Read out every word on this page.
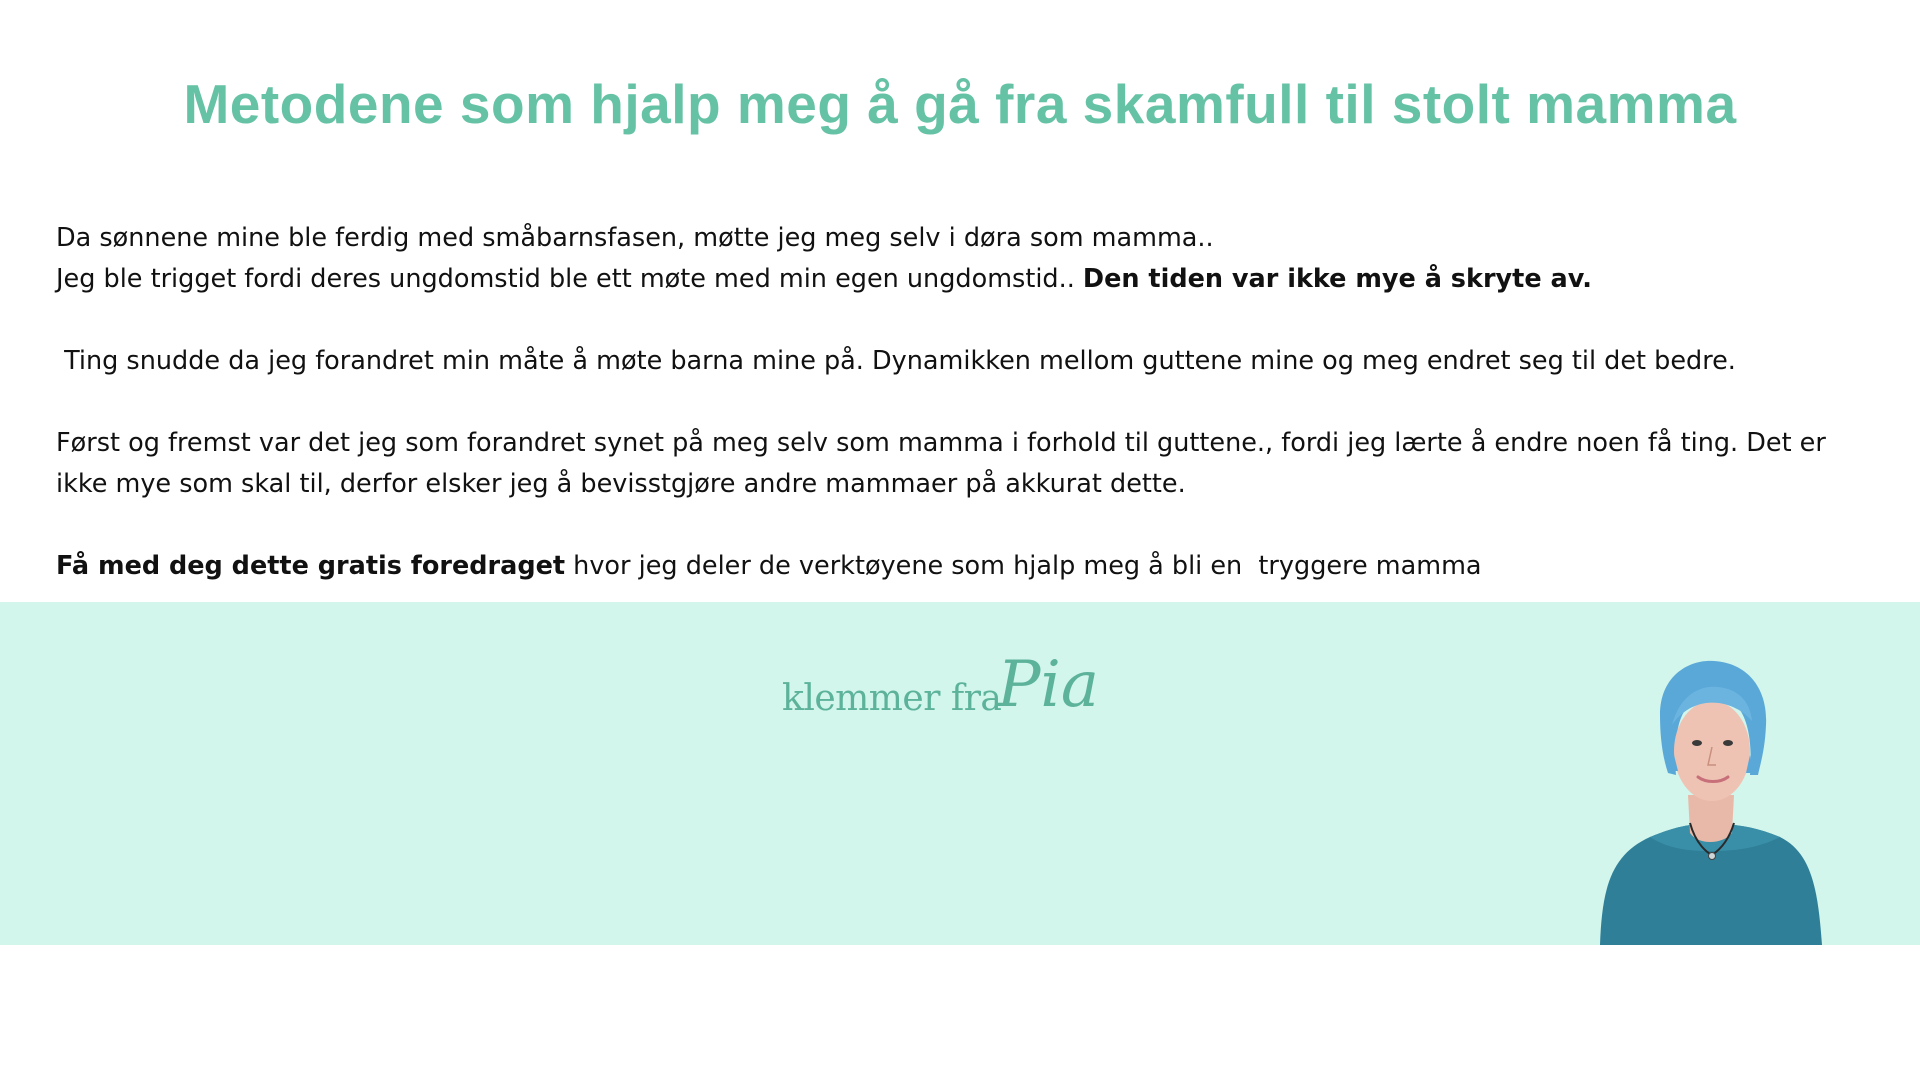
Metodene som hjalp meg å gå fra skamfull til stolt mamma

Da sønnene mine ble ferdig med småbarnsfasen, møtte jeg meg selv i døra som mamma..
Jeg ble trigget fordi deres ungdomstid ble ett møte med min egen ungdomstid.. Den tiden var ikke mye å skryte av.

Ting snudde da jeg forandret min måte å møte barna mine på. Dynamikken mellom guttene mine og meg endret seg til det bedre.

Først og fremst var det jeg som forandret synet på meg selv som mamma i forhold til guttene., fordi jeg lærte å endre noen få ting. Det er ikke mye som skal til, derfor elsker jeg å bevisstgjøre andre mammaer på akkurat dette.

Få med deg dette gratis foredraget hvor jeg deler de verktøyene som hjalp meg å bli en  tryggere mamma

klemmer fraPia
